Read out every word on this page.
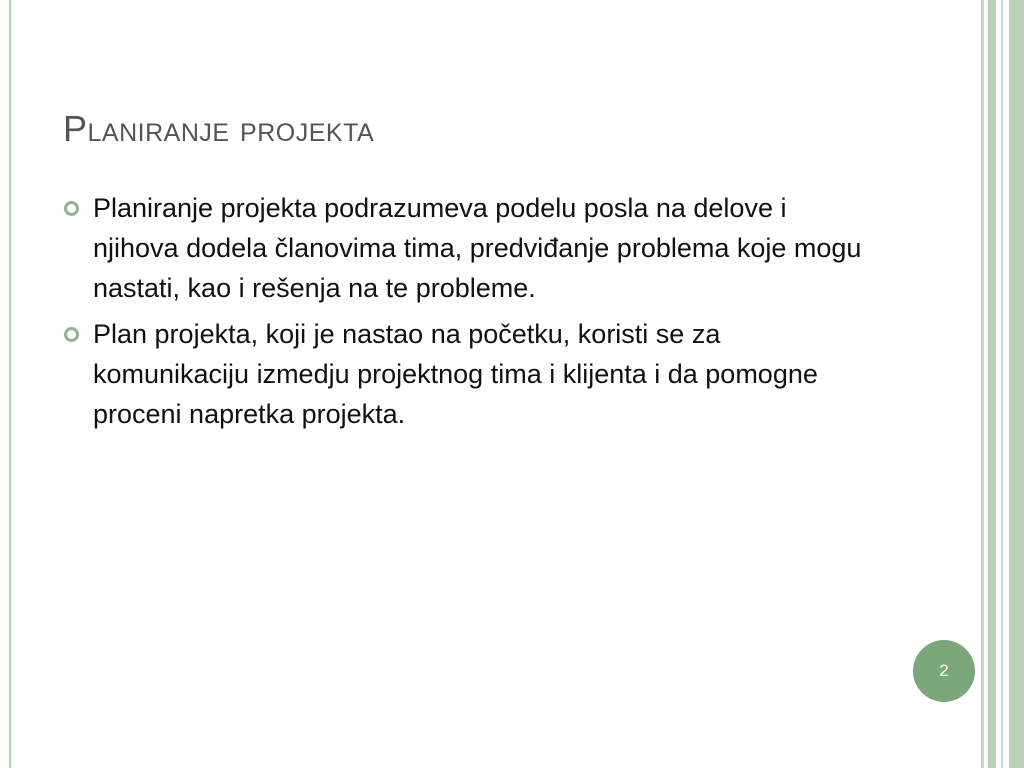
Planiranje projekta
Planiranje projekta podrazumeva podelu posla na delove i njihova dodela članovima tima, predviđanje problema koje mogu nastati, kao i rešenja na te probleme.
Plan projekta, koji je nastao na početku, koristi se za komunikaciju izmedju projektnog tima i klijenta i da pomogne proceni napretka projekta.
2
